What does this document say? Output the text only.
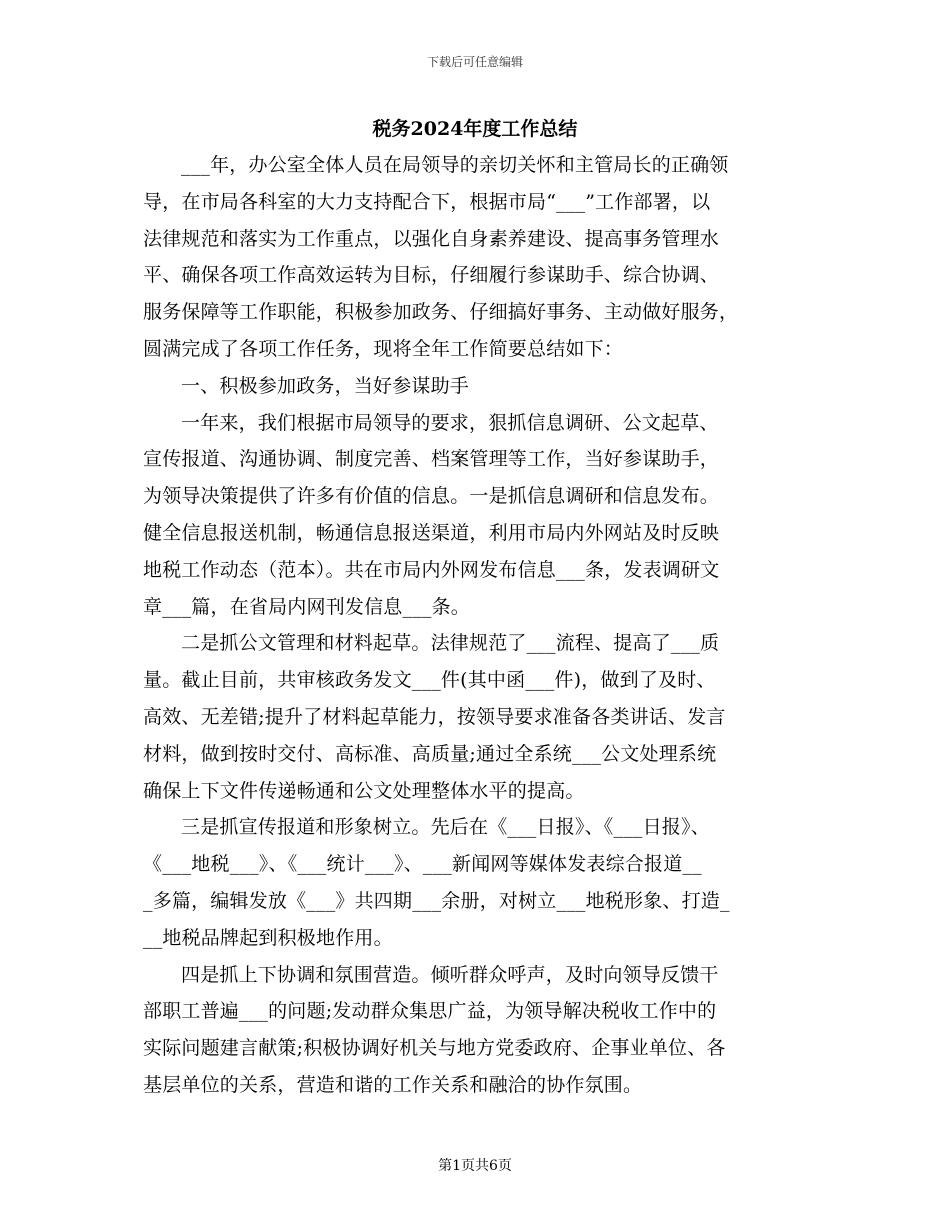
下载后可任意编辑
税务2024年度工作总结

___年，办公室全体人员在局领导的亲切关怀和主管局长的正确领
导，在市局各科室的大力支持配合下，根据市局“___”工作部署，以
法律规范和落实为工作重点，以强化自身素养建设、提高事务管理水
平、确保各项工作高效运转为目标，仔细履行参谋助手、综合协调、
服务保障等工作职能，积极参加政务、仔细搞好事务、主动做好服务，
圆满完成了各项工作任务，现将全年工作简要总结如下：

一、积极参加政务，当好参谋助手

一年来，我们根据市局领导的要求，狠抓信息调研、公文起草、
宣传报道、沟通协调、制度完善、档案管理等工作，当好参谋助手，
为领导决策提供了许多有价值的信息。一是抓信息调研和信息发布。
健全信息报送机制，畅通信息报送渠道，利用市局内外网站及时反映
地税工作动态（范本）。共在市局内外网发布信息___条，发表调研文
章___篇，在省局内网刊发信息___条。

二是抓公文管理和材料起草。法律规范了___流程、提高了___质
量。截止目前，共审核政务发文___件(其中函___件)，做到了及时、
高效、无差错;提升了材料起草能力，按领导要求准备各类讲话、发言
材料，做到按时交付、高标准、高质量;通过全系统___公文处理系统
确保上下文件传递畅通和公文处理整体水平的提高。

三是抓宣传报道和形象树立。先后在《___日报》、《___日报》、
《___地税___》、《___统计___》、___新闻网等媒体发表综合报道__
_多篇，编辑发放《___》共四期___余册，对树立___地税形象、打造_
__地税品牌起到积极地作用。

四是抓上下协调和氛围营造。倾听群众呼声，及时向领导反馈干
部职工普遍___的问题;发动群众集思广益，为领导解决税收工作中的
实际问题建言献策;积极协调好机关与地方党委政府、企事业单位、各
基层单位的关系，营造和谐的工作关系和融洽的协作氛围。

第1页共6页
